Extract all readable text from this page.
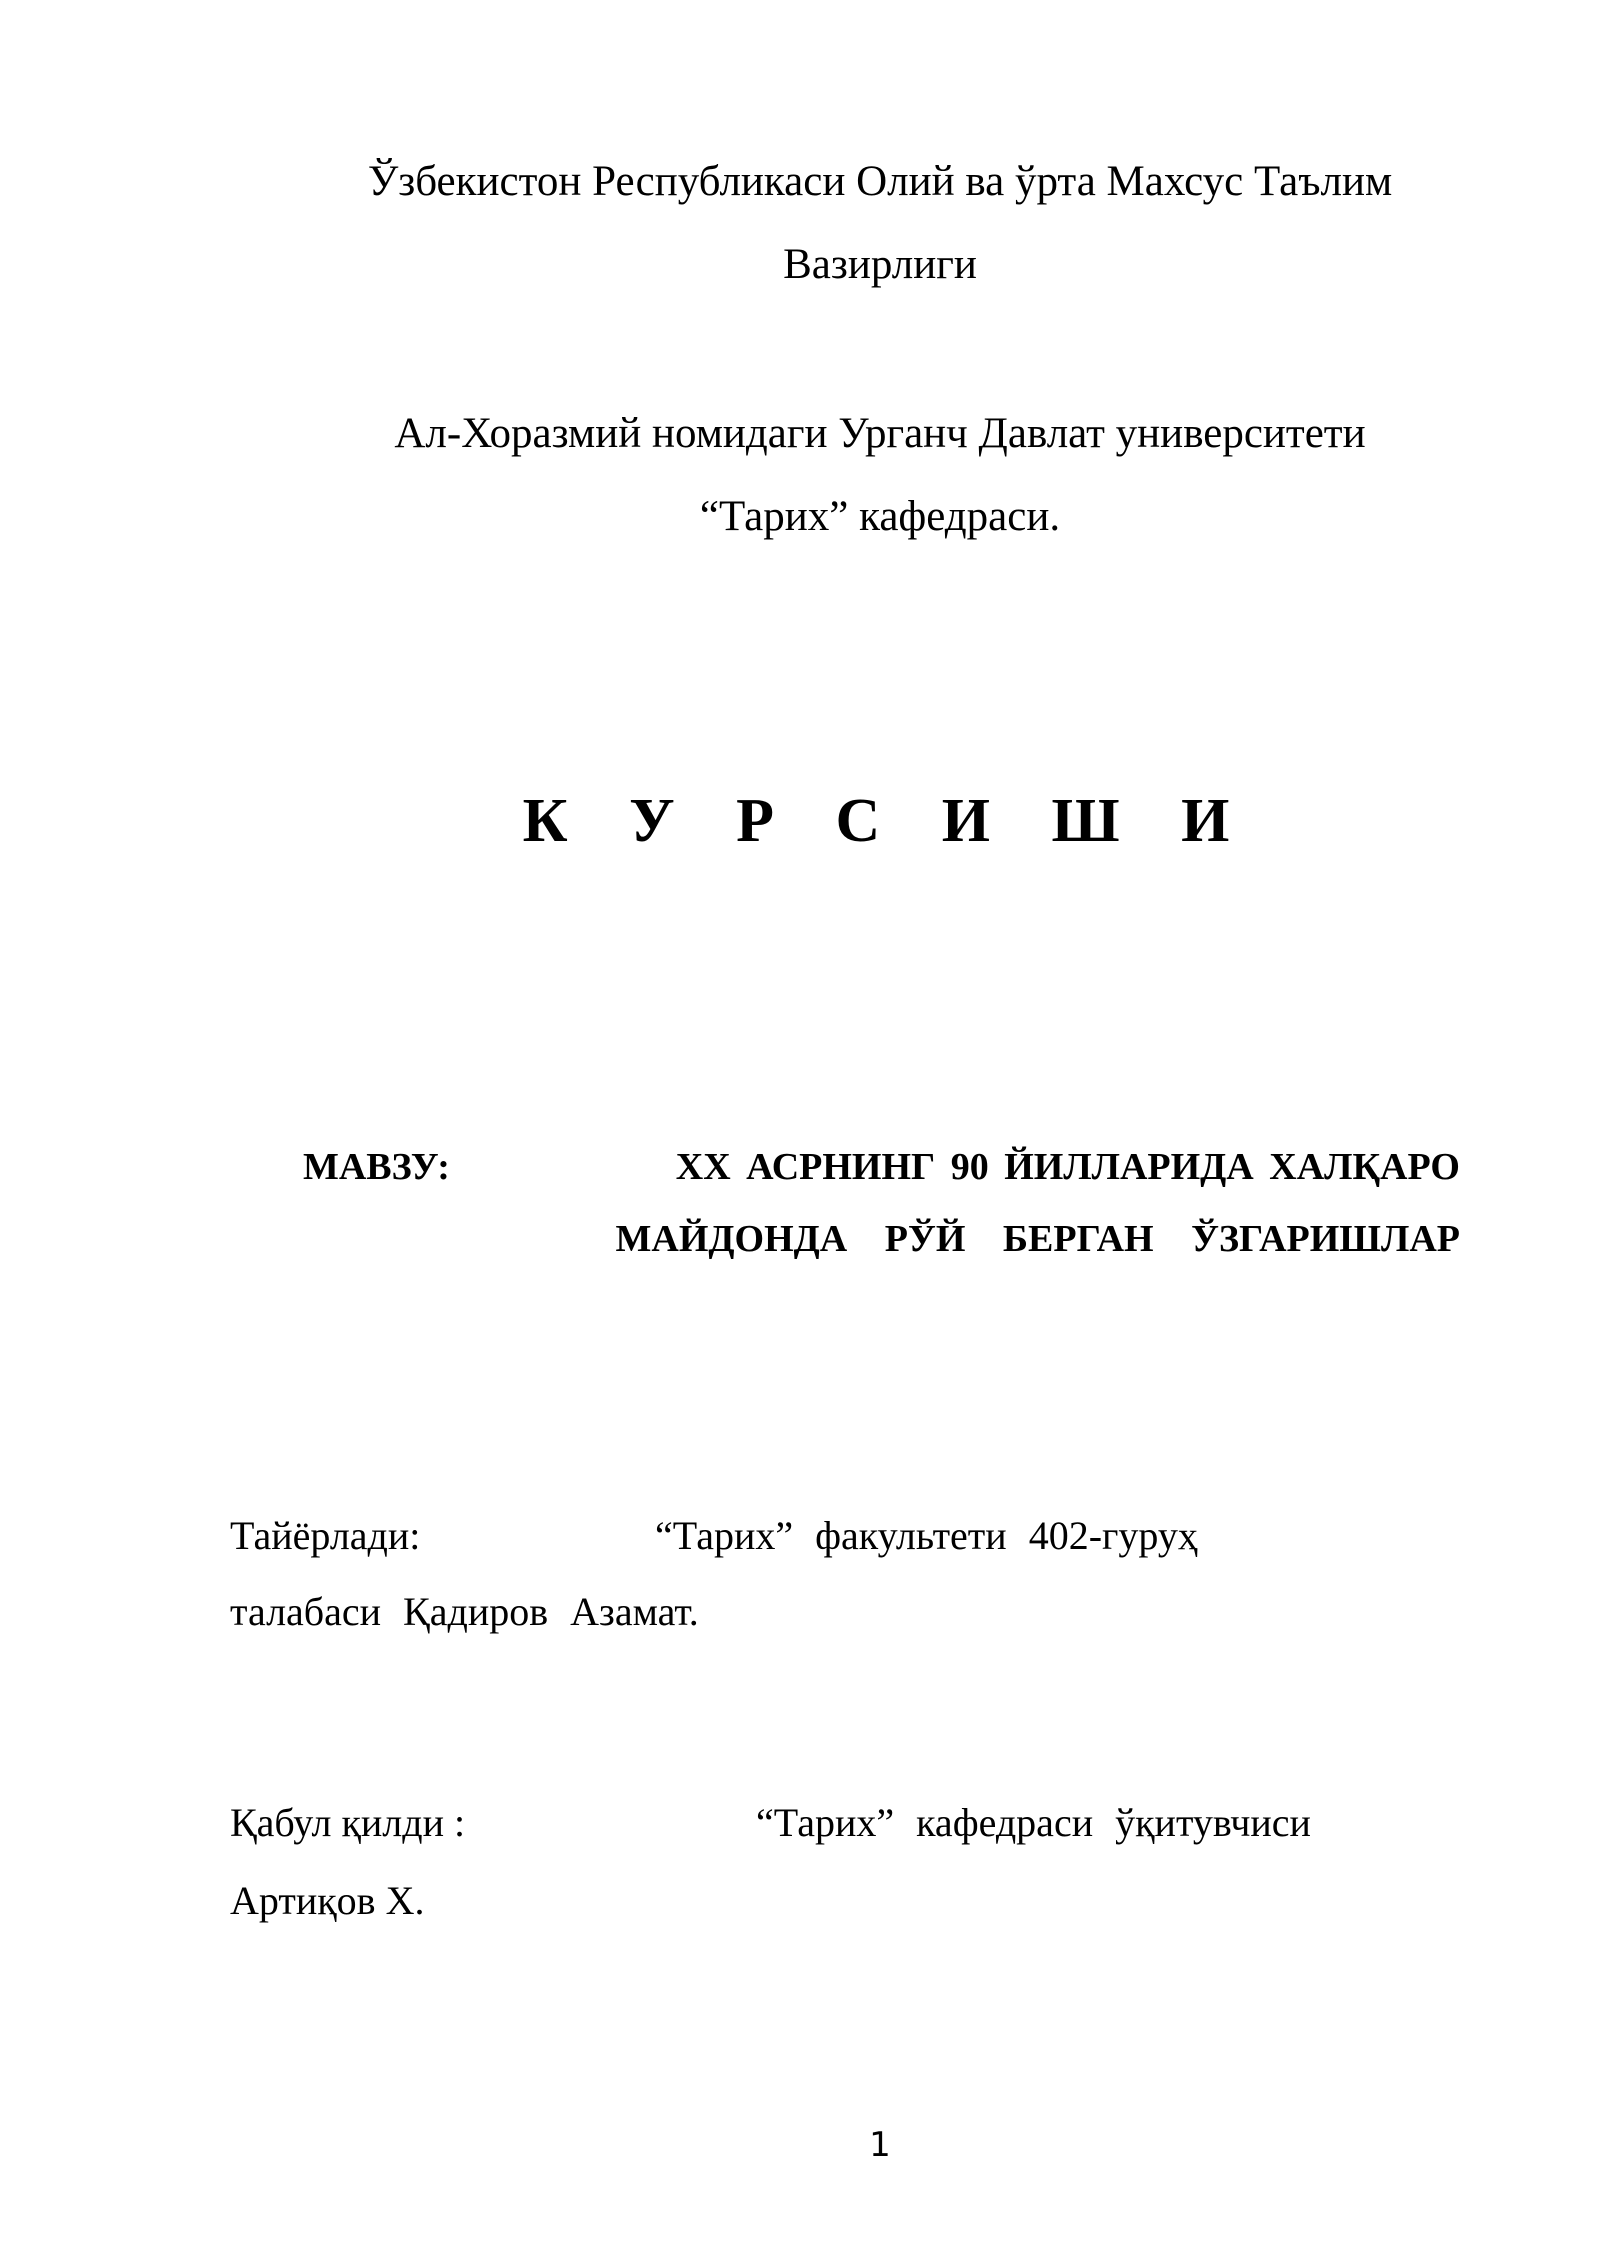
Ўзбекистон Республикаси Олий ва ўрта Махсус Таълим
Вазирлиги
Ал-Хоразмий номидаги Урганч Давлат университети
“Тарих” кафедраси.
К У Р С И Ш И
МАВЗУ:	ХХ АСРНИНГ 90 ЙИЛЛАРИДА ХАЛҚАРО
МАЙДОНДА РЎЙ БЕРГАН ЎЗГАРИШЛАР
Тайёрлади:	“Тарих” факультети 402-гуруҳ
талабаси Қадиров Азамат.
Қабул қилди :	“Тарих” кафедраси ўқитувчиси
Артиқов Х.
1
